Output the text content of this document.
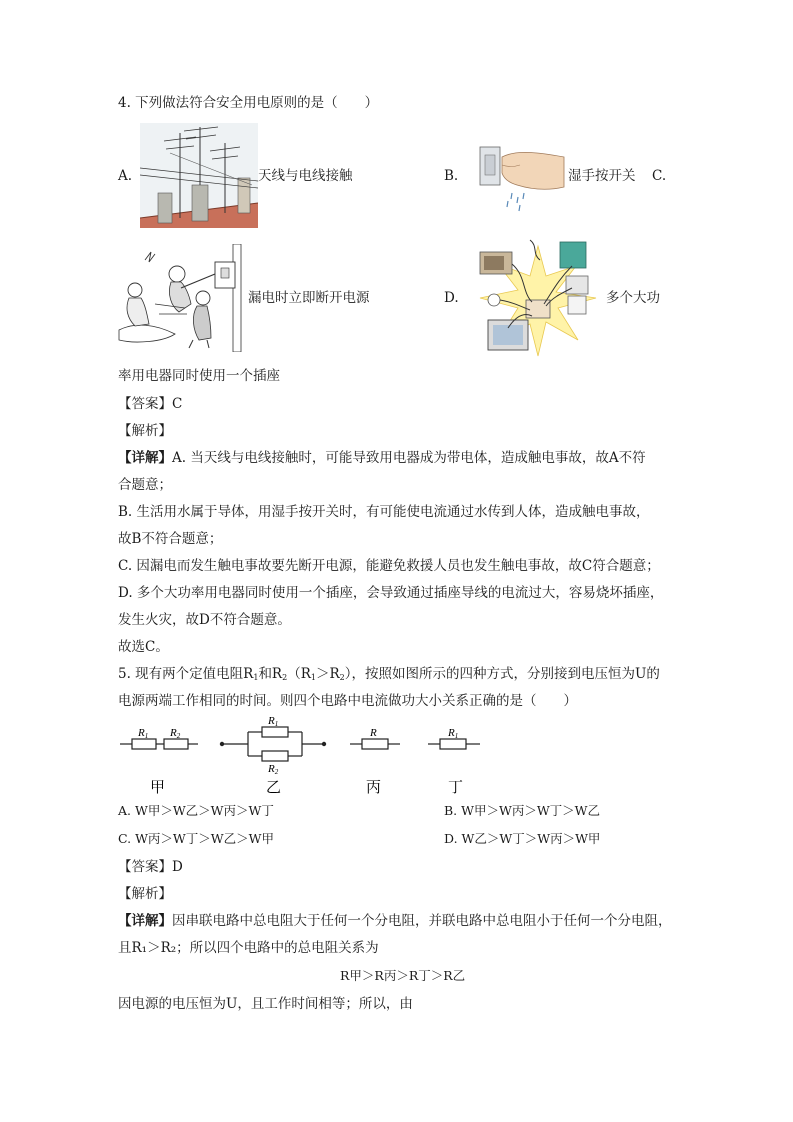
4. 下列做法符合安全用电原则的是（　　）
A.	天线与电线接触	B.	湿手按开关 C.
漏电时立即断开电源	D.	多个大功
率用电器同时使用一个插座
【答案】C
【解析】
【详解】A. 当天线与电线接触时，可能导致用电器成为带电体，造成触电事故，故A不符
合题意；
B. 生活用水属于导体，用湿手按开关时，有可能使电流通过水传到人体，造成触电事故，
故B不符合题意；
C. 因漏电而发生触电事故要先断开电源，能避免救援人员也发生触电事故，故C符合题意；
D. 多个大功率用电器同时使用一个插座，会导致通过插座导线的电流过大，容易烧坏插座，
发生火灾，故D不符合题意。
故选C。
5. 现有两个定值电阻$R_1$和$R_2(R_1>R_2)$，按照如图所示的四种方式，分别接到电压恒为U的
电源两端工作相同的时间。则四个电路中电流做功大小关系正确的是（　　）
R1 R2
R1
R2
R	R1
甲	乙	丙	丁
A. W甲＞W乙＞W丙＞W丁	B. W甲＞W丙＞W丁＞W乙
C. W丙＞W丁＞W乙＞W甲	D. W乙＞W丁＞W丙＞W甲
【答案】D
【解析】
【详解】因串联电路中总电阻大于任何一个分电阻，并联电路中总电阻小于任何一个分电阻，
且R₁＞R₂；所以四个电路中的总电阻关系为
R甲＞R丙＞R丁＞R乙
因电源的电压恒为U，且工作时间相等；所以，由
